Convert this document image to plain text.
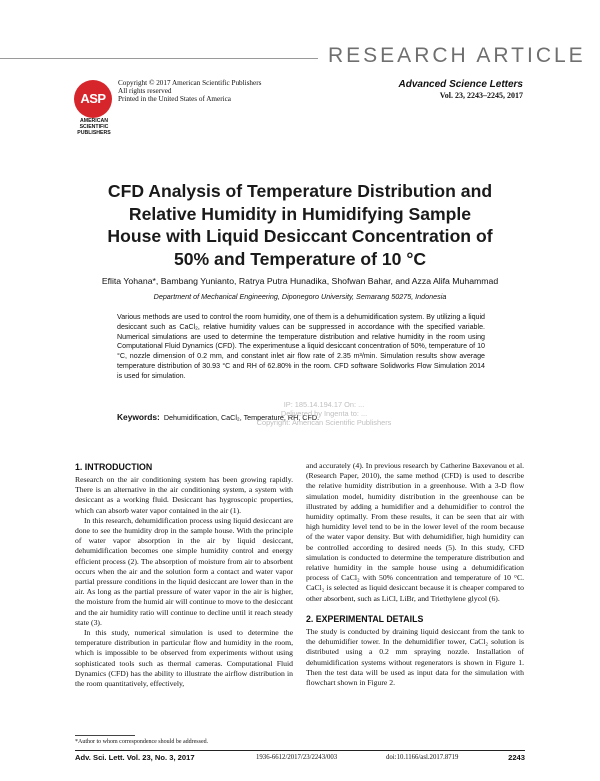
RESEARCH ARTICLE
ASP
AMERICAN
SCIENTIFIC
PUBLISHERS
Copyright © 2017 American Scientific Publishers
All rights reserved
Printed in the United States of America
Advanced Science Letters
Vol. 23, 2243–2245, 2017
CFD Analysis of Temperature Distribution and
Relative Humidity in Humidifying Sample
House with Liquid Desiccant Concentration of
50% and Temperature of 10 °C
Eflita Yohana*, Bambang Yunianto, Ratrya Putra Hunadika, Shofwan Bahar, and Azza Alifa Muhammad
Department of Mechanical Engineering, Diponegoro University, Semarang 50275, Indonesia
Various methods are used to control the room humidity, one of them is a dehumidification system. By utilizing a liquid desiccant such as CaCl₂, relative humidity values can be suppressed in accordance with the specified variable. Numerical simulations are used to determine the temperature distribution and relative humidity in the room using Computational Fluid Dynamics (CFD). The experimentuse a liquid desiccant concentration of 50%, temperature of 10 °C, nozzle dimension of 0.2 mm, and constant inlet air flow rate of 2.35 m³/min. Simulation results show average temperature distribution of 30.93 °C and RH of 62.80% in the room. CFD software Solidworks Flow Simulation 2014 is used for simulation.
Keywords: Dehumidification, CaCl₂, Temperature, RH, CFD.
IP: 185.14.194.17 On: ...
Delivered by Ingenta to: ...
Copyright: American Scientific Publishers
1. INTRODUCTION

Research on the air conditioning system has been growing rapidly. There is an alternative in the air conditioning system, a system with desiccant as a working fluid. Desiccant has hygroscopic properties, which can absorb water vapor contained in the air (1).

In this research, dehumidification process using liquid desiccant are done to see the humidity drop in the sample house. With the principle of water vapor absorption in the air by liquid desiccant, dehumidification becomes one simple humidity control and energy efficient process (2). The absorption of moisture from air to absorbent occurs when the air and the solution form a contact and water vapor partial pressure conditions in the liquid desiccant are lower than in the air. As long as the partial pressure of water vapor in the air is higher, the moisture from the humid air will continue to move to the desiccant and the air humidity ratio will continue to decline until it reach steady state (3).

In this study, numerical simulation is used to determine the temperature distribution in particular flow and humidity in the room, which is impossible to be observed from experiments without using sophisticated tools such as thermal cameras. Computational Fluid Dynamics (CFD) has the ability to illustrate the airflow distribution in the room quantitatively, effectively,

and accurately (4). In previous research by Catherine Baxevanou et al. (Research Paper, 2010), the same method (CFD) is used to describe the relative humidity distribution in a greenhouse. With a 3-D flow simulation model, humidity distribution in the greenhouse can be illustrated by adding a humidifier and a dehumidifier to control the humidity optimally. From these results, it can be seen that air with high humidity level tend to be in the lower level of the room because of the water vapor density. But with dehumidifier, high humidity can be controlled according to desired needs (5). In this study, CFD simulation is conducted to determine the temperature distribution and relative humidity in the sample house using a dehumidification process of CaCl₂ with 50% concentration and temperature of 10 °C. CaCl₂ is selected as liquid desiccant because it is cheaper compared to other absorbent, such as LiCl, LiBr, and Triethylene glycol (6).

2. EXPERIMENTAL DETAILS

The study is conducted by draining liquid desiccant from the tank to the dehumidifier tower. In the dehumidifier tower, CaCl₂ solution is distributed using a 0.2 mm spraying nozzle. Installation of dehumidification systems without regenerators is shown in Figure 1. Then the test data will be used as input data for the simulation with flowchart shown in Figure 2.

*Author to whom correspondence should be addressed.
Adv. Sci. Lett. Vol. 23, No. 3, 2017	1936-6612/2017/23/2243/003	doi:10.1166/asl.2017.8719	2243
